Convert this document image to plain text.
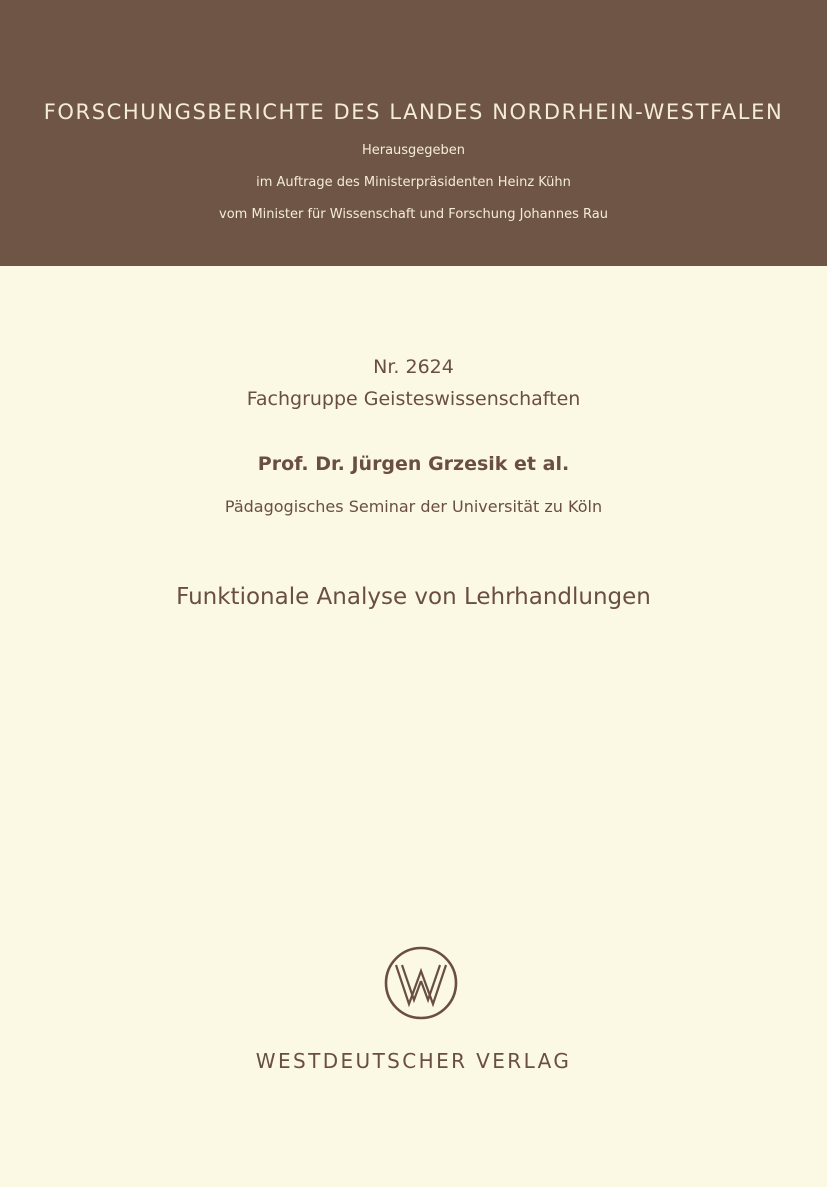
FORSCHUNGSBERICHTE DES LANDES NORDRHEIN-WESTFALEN
Herausgegeben
im Auftrage des Ministerpräsidenten Heinz Kühn
vom Minister für Wissenschaft und Forschung Johannes Rau
Nr. 2624
Fachgruppe Geisteswissenschaften
Prof. Dr. Jürgen Grzesik et al.
Pädagogisches Seminar der Universität zu Köln
Funktionale Analyse von Lehrhandlungen
WESTDEUTSCHER VERLAG
